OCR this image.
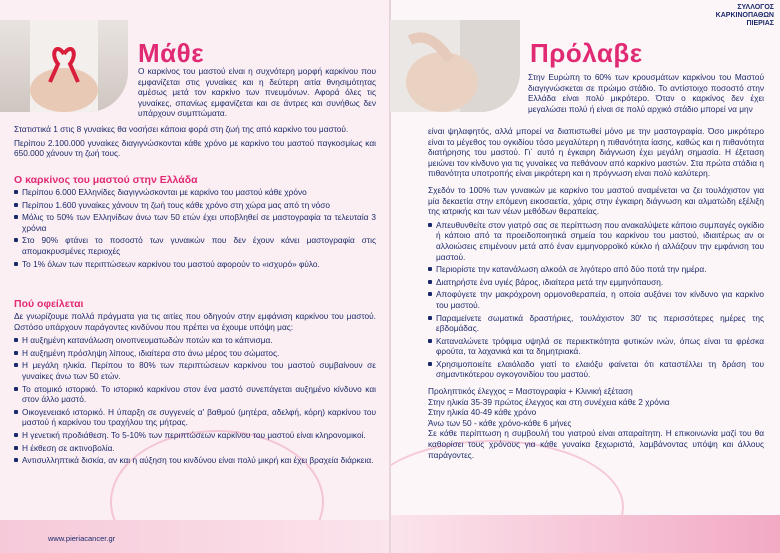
Μάθε

Ο καρκίνος του μαστού είναι η συχνότερη μορφή καρκίνου που εμφανίζεται στις γυναίκες και η δεύτερη αιτία θνησιμότητας αμέσως μετά τον καρκίνο των πνευμόνων. Αφορά όλες τις γυναίκες, σπανίως εμφανίζεται και σε άντρες και συνήθως δεν υπάρχουν συμπτώματα.

Στατιστικά 1 στις 8 γυναίκες θα νοσήσει κάποια φορά στη ζωή της από καρκίνο του μαστού.

Περίπου 2.100.000 γυναίκες διαγιγνώσκονται κάθε χρόνο με καρκίνο του μαστού παγκοσμίως και 650.000 χάνουν τη ζωή τους.

Ο καρκίνος του μαστού στην Ελλάδα
Περίπου 6.000 Ελληνίδες διαγιγνώσκονται με καρκίνο του μαστού κάθε χρόνο
Περίπου 1.600 γυναίκες χάνουν τη ζωή τους κάθε χρόνο στη χώρα μας από τη νόσο
Μόλις το 50% των Ελληνίδων άνω των 50 ετών έχει υποβληθεί σε μαστογραφία τα τελευταία 3 χρόνια
Στο 90% φτάνει το ποσοστό των γυναικών που δεν έχουν κάνει μαστογραφία στις απομακρυσμένες περιοχές
Το 1% όλων των περιπτώσεων καρκίνου του μαστού αφορούν το «ισχυρό» φύλο.
Πού οφείλεται

Δε γνωρίζουμε πολλά πράγματα για τις αιτίες που οδηγούν στην εμφάνιση καρκίνου του μαστού. Ωστόσο υπάρχουν παράγοντες κινδύνου που πρέπει να έχουμε υπόψη μας:

Η αυξημένη κατανάλωση οινοπνευματωδών ποτών και το κάπνισμα.
Η αυξημένη πρόσληψη λίπους, ιδιαίτερα στο άνω μέρος του σώματος.
Η μεγάλη ηλικία. Περίπου το 80% των περιπτώσεων καρκίνου του μαστού συμβαίνουν σε γυναίκες άνω των 50 ετών.
Το ατομικό ιστορικό. Το ιστορικό καρκίνου στον ένα μαστό συνεπάγεται αυξημένο κίνδυνο και στον άλλο μαστό.
Οικογενειακό ιστορικό. Η ύπαρξη σε συγγενείς α' βαθμού (μητέρα, αδελφή, κόρη) καρκίνου του μαστού ή καρκίνου του τραχήλου της μήτρας.
Η γενετική προδιάθεση. Το 5-10% των περιπτώσεων καρκίνου του μαστού είναι κληρονομικοί.
Η έκθεση σε ακτινοβολία.
Αντισυλληπτικά δισκία, αν και η αύξηση του κινδύνου είναι πολύ μικρή και έχει βραχεία διάρκεια.
www.pieriacancer.gr
ΣΥΛΛΟΓΟΣ
ΚΑΡΚΙΝΟΠΑΘΩΝ
ΠΙΕΡΙΑΣ
Πρόλαβε

Στην Ευρώπη το 60% των κρουσμάτων καρκίνου του Μαστού διαγιγνώσκεται σε πρώιμο στάδιο. Το αντίστοιχο ποσοστό στην Ελλάδα είναι πολύ μικρότερο. Όταν ο καρκίνος δεν έχει μεγαλώσει πολύ ή είναι σε πολύ αρχικό στάδιο μπορεί να μην

είναι ψηλαφητός, αλλά μπορεί να διαπιστωθεί μόνο με την μαστογραφία. Όσο μικρότερο είναι το μέγεθος του ογκιδίου τόσο μεγαλύτερη η πιθανότητα ίασης, καθώς και η πιθανότητα διατήρησης του μαστού. Γι΄ αυτό η έγκαιρη διάγνωση έχει μεγάλη σημασία. Η έξεταση μειώνει τον κίνδυνο για τις γυναίκες να πεθάνουν από καρκίνο μαστών. Στα πρώτα στάδια η πιθανότητα υποτροπής είναι μικρότερη και η πρόγνωση είναι πολύ καλύτερη.

Σχεδόν το 100% των γυναικών με καρκίνο του μαστού αναμένεται να ζει τουλάχιστον για μία δεκαετία στην επόμενη εικοσαετία, χάρις στην έγκαιρη διάγνωση και αλματώδη εξέλιξη της ιατρικής και των νέων μεθόδων θεραπείας.

Απευθυνθείτε στον γιατρό σας σε περίπτωση που ανακαλύψετε κάποιο συμπαγές ογκίδιο ή κάποιο από τα προειδοποιητικά σημεία του καρκίνου του μαστού, ιδιαιτέρως αν οι αλλοιώσεις επιμένουν μετά από έναν εμμηνορροϊκό κύκλο ή αλλάζουν την εμφάνιση του μαστού.
Περιορίστε την κατανάλωση αλκοόλ σε λιγότερο από δύο ποτά την ημέρα.
Διατηρήστε ένα υγιές βάρος, ιδιαίτερα μετά την εμμηνόπαυση.
Αποφύγετε την μακρόχρονη ορμονοθεραπεία, η οποία αυξάνει τον κίνδυνο για καρκίνο του μαστού.
Παραμείνετε σωματικά δραστήριες, τουλάχιστον 30' τις περισσότερες ημέρες της εβδομάδας.
Καταναλώνετε τρόφιμα υψηλά σε περιεκτικότητα φυτικών ινών, όπως είναι τα φρέσκα φρούτα, τα λαχανικά και τα δημητριακά.
Χρησιμοποιείτε ελαιόλαδο γιατί το ελαιόξυ φαίνεται ότι καταστέλλει τη δράση του σημαντικότερου ογκογονιδίου του μαστού.
Προληπτικός έλεγχος = Μαστογραφία + Κλινική εξέταση
Στην ηλικία 35-39 πρώτος έλεγχος και στη συνέχεια κάθε 2 χρόνια
Στην ηλικία 40-49 κάθε χρόνο
Άνω των 50 - κάθε χρόνο-κάθε 6 μήνες

Σε κάθε περίπτωση η συμβουλή του γιατρού είναι απαραίτητη. Η επικοινωνία μαζί του θα καθορίσει τους χρόνους για κάθε γυναίκα ξεχωριστά, λαμβάνοντας υπόψη και άλλους παράγοντες.
